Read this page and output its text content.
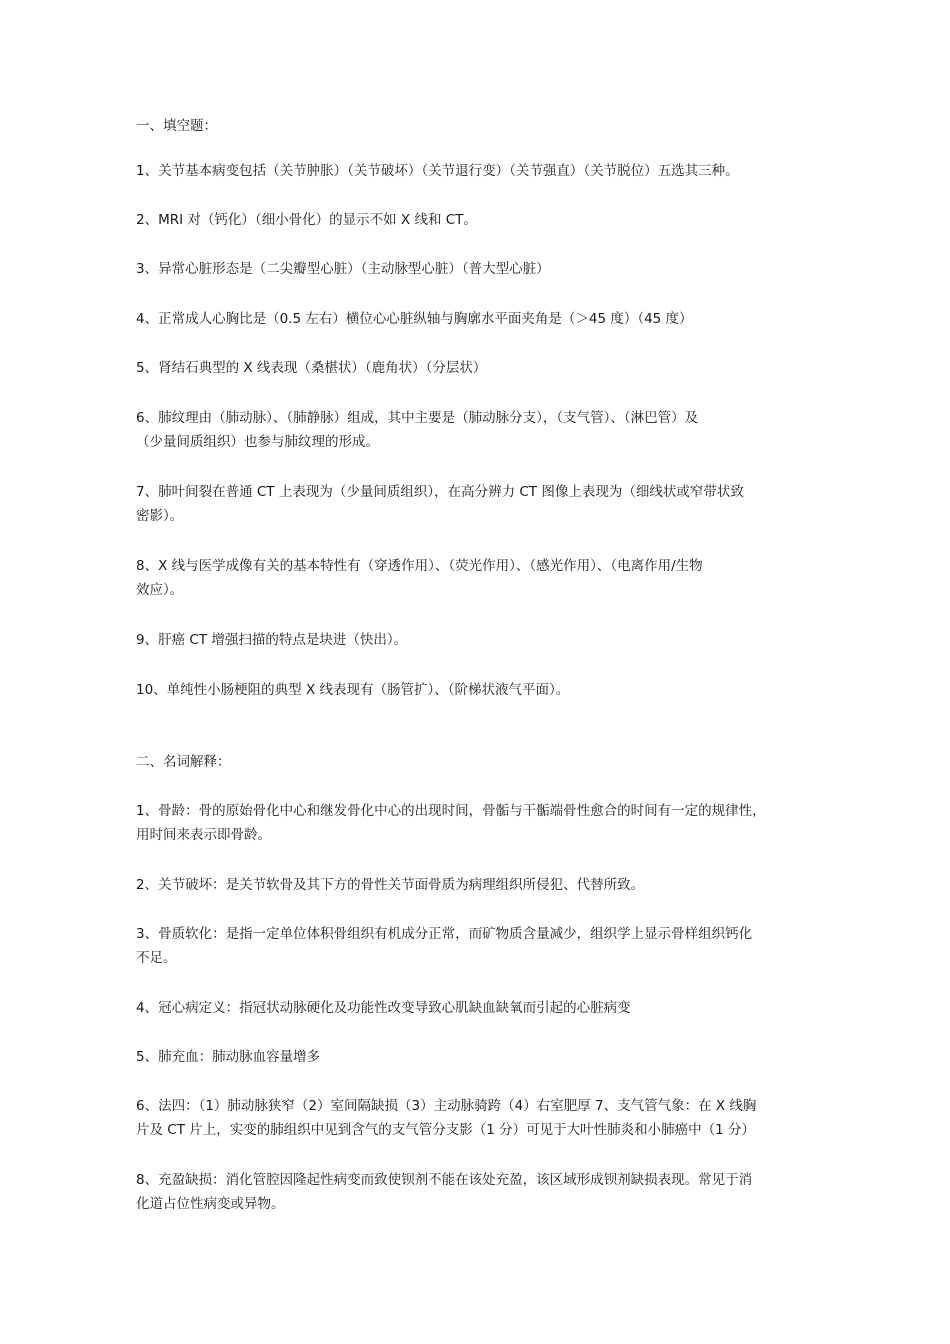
一、填空题：
1、关节基本病变包括（关节肿胀）（关节破坏）（关节退行变）（关节强直）（关节脱位）五选其三种。
2、MRI 对（钙化）（细小骨化）的显示不如 X 线和 CT。
3、异常心脏形态是（二尖瓣型心脏）（主动脉型心脏）（普大型心脏）
4、正常成人心胸比是（0.5 左右）横位心心脏纵轴与胸廓水平面夹角是（＞45 度）（45 度）
5、肾结石典型的 X 线表现（桑椹状）（鹿角状）（分层状）
6、肺纹理由（肺动脉）、（肺静脉）组成，其中主要是（肺动脉分支），（支气管）、（淋巴管）及
（少量间质组织）也参与肺纹理的形成。
7、肺叶间裂在普通 CT 上表现为（少量间质组织），在高分辨力 CT 图像上表现为（细线状或窄带状致
密影）。
8、X 线与医学成像有关的基本特性有（穿透作用）、（荧光作用）、（感光作用）、（电离作用/生物
效应）。
9、肝癌 CT 增强扫描的特点是块进（快出）。
10、单纯性小肠梗阻的典型 X 线表现有（肠管扩）、（阶梯状液气平面）。
二、名词解释：
1、骨龄：骨的原始骨化中心和继发骨化中心的出现时间，骨骺与干骺端骨性愈合的时间有一定的规律性，
用时间来表示即骨龄。
2、关节破坏：是关节软骨及其下方的骨性关节面骨质为病理组织所侵犯、代替所致。
3、骨质软化：是指一定单位体积骨组织有机成分正常，而矿物质含量减少，组织学上显示骨样组织钙化
不足。
4、冠心病定义：指冠状动脉硬化及功能性改变导致心肌缺血缺氧而引起的心脏病变
5、肺充血：肺动脉血容量增多
6、法四：（1）肺动脉狭窄（2）室间隔缺损（3）主动脉骑跨（4）右室肥厚 7、支气管气象：在 X 线胸
片及 CT 片上，实变的肺组织中见到含气的支气管分支影（1 分）可见于大叶性肺炎和小肺癌中（1 分）
8、充盈缺损：消化管腔因隆起性病变而致使钡剂不能在该处充盈，该区域形成钡剂缺损表现。常见于消
化道占位性病变或异物。
